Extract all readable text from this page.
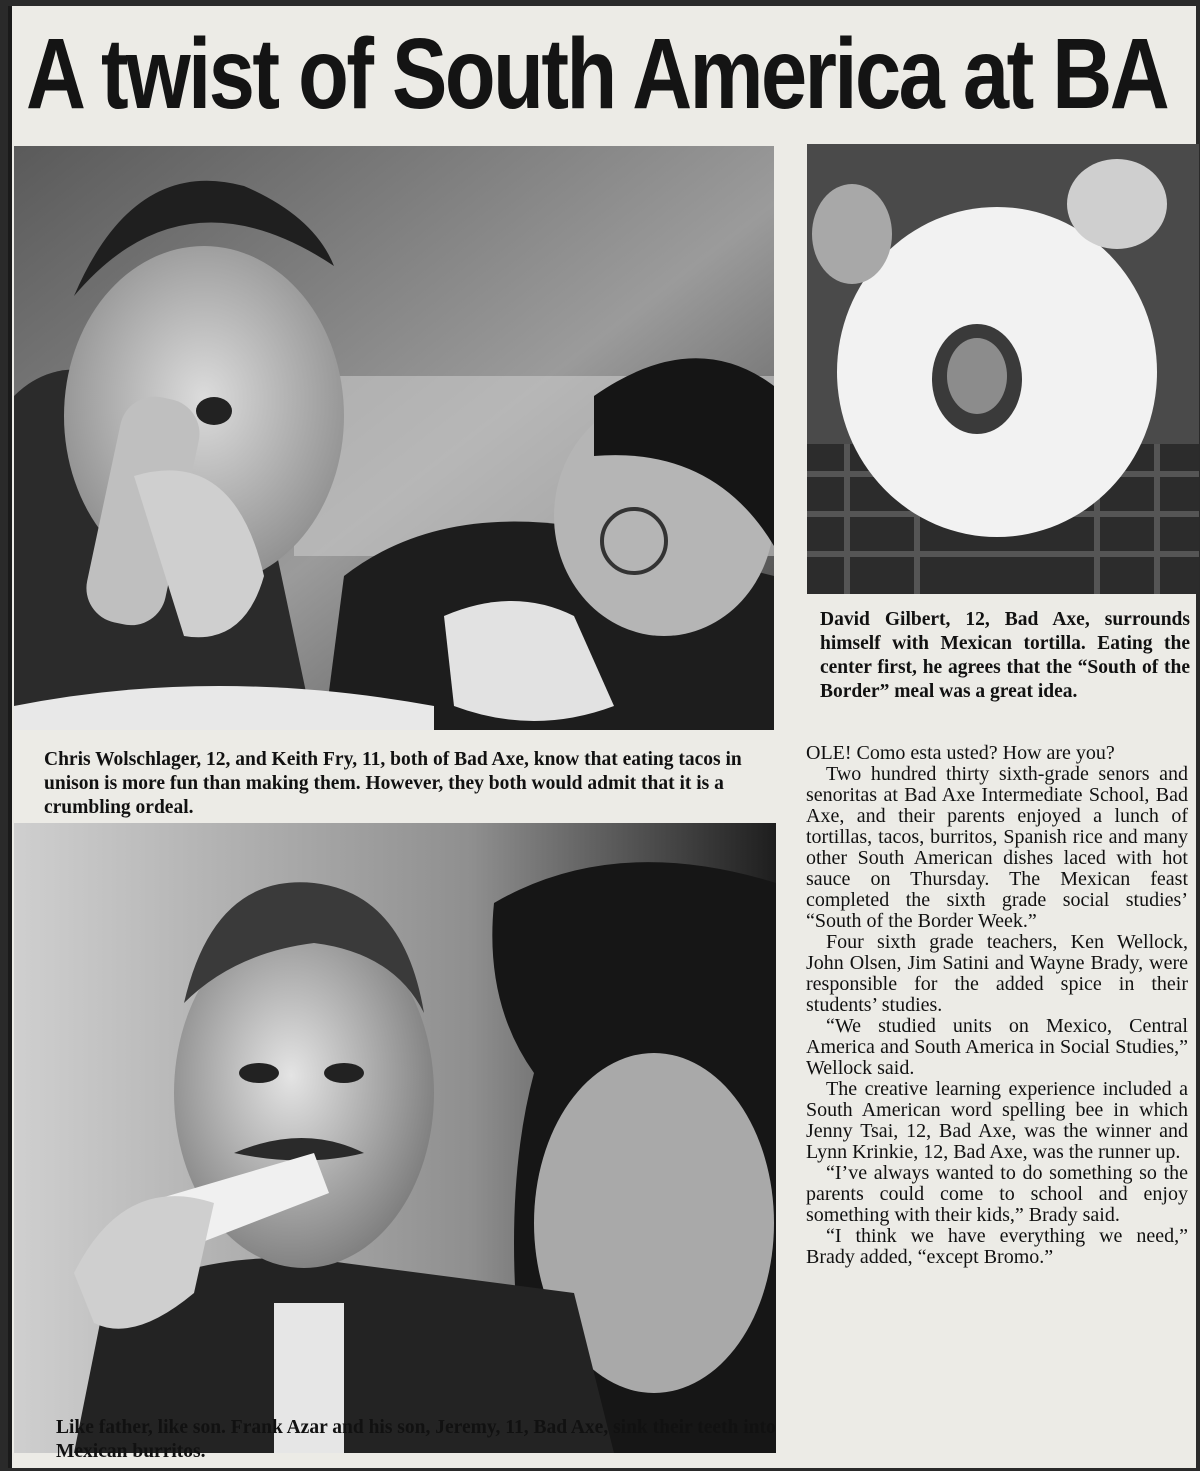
A twist of South America at BA

David Gilbert, 12, Bad Axe, surrounds himself with Mexican tortilla. Eating the center first, he agrees that the “South of the Border” meal was a great idea.

Chris Wolschlager, 12, and Keith Fry, 11, both of Bad Axe, know that eating tacos in unison is more fun than making them. However, they both would admit that it is a crumbling ordeal.

Like father, like son. Frank Azar and his son, Jeremy, 11, Bad Axe, sink their teeth into Mexican burritos.

OLE! Como esta usted? How are you?

Two hundred thirty sixth-grade senors and senoritas at Bad Axe Intermediate School, Bad Axe, and their parents enjoyed a lunch of tortillas, tacos, burritos, Spanish rice and many other South American dishes laced with hot sauce on Thursday. The Mexican feast completed the sixth grade social studies’ “South of the Border Week.”

Four sixth grade teachers, Ken Wellock, John Olsen, Jim Satini and Wayne Brady, were responsible for the added spice in their students’ studies.

“We studied units on Mexico, Central America and South America in Social Studies,” Wellock said.

The creative learning experience included a South American word spelling bee in which Jenny Tsai, 12, Bad Axe, was the winner and Lynn Krinkie, 12, Bad Axe, was the runner up.

“I’ve always wanted to do something so the parents could come to school and enjoy something with their kids,” Brady said.

“I think we have everything we need,” Brady added, “except Bromo.”
